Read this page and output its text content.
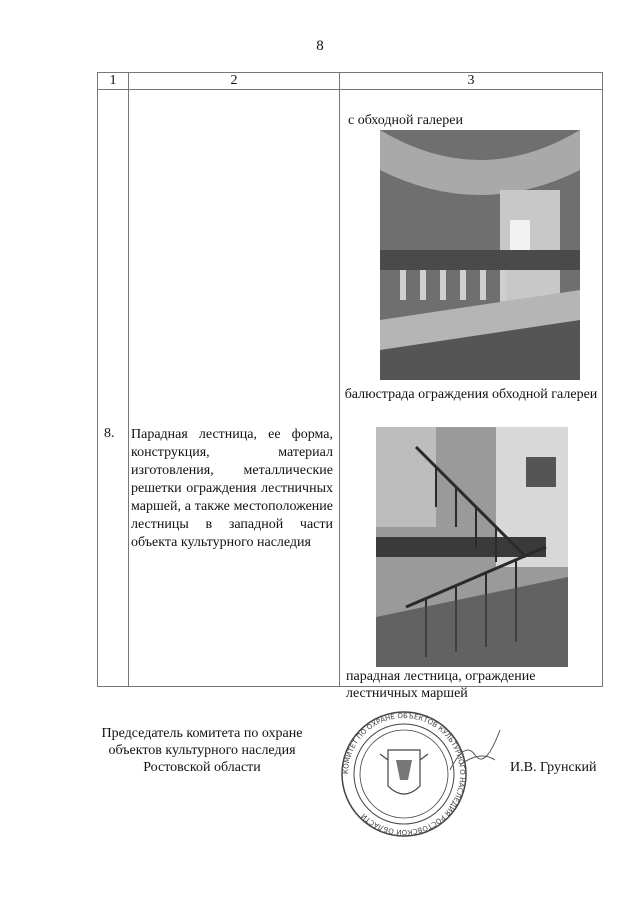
8
1	2	3

8.	Парадная лестница, ее форма, конструкция, материал изготовления, металлические решетки ограждения лестничных маршей, а также местоположение лестницы в западной части объекта культурного наследия	с обходной галереи
балюстрада ограждения обходной галереи
парадная лестница, ограждение лестничных маршей
Председатель комитета по охране объектов культурного наследия Ростовской области	КОМИТЕТ ПО ОХРАНЕ ОБЪЕКТОВ КУЛЬТУРНОГО НАСЛЕДИЯ РОСТОВСКОЙ ОБЛАСТИ
И.В. Грунский
